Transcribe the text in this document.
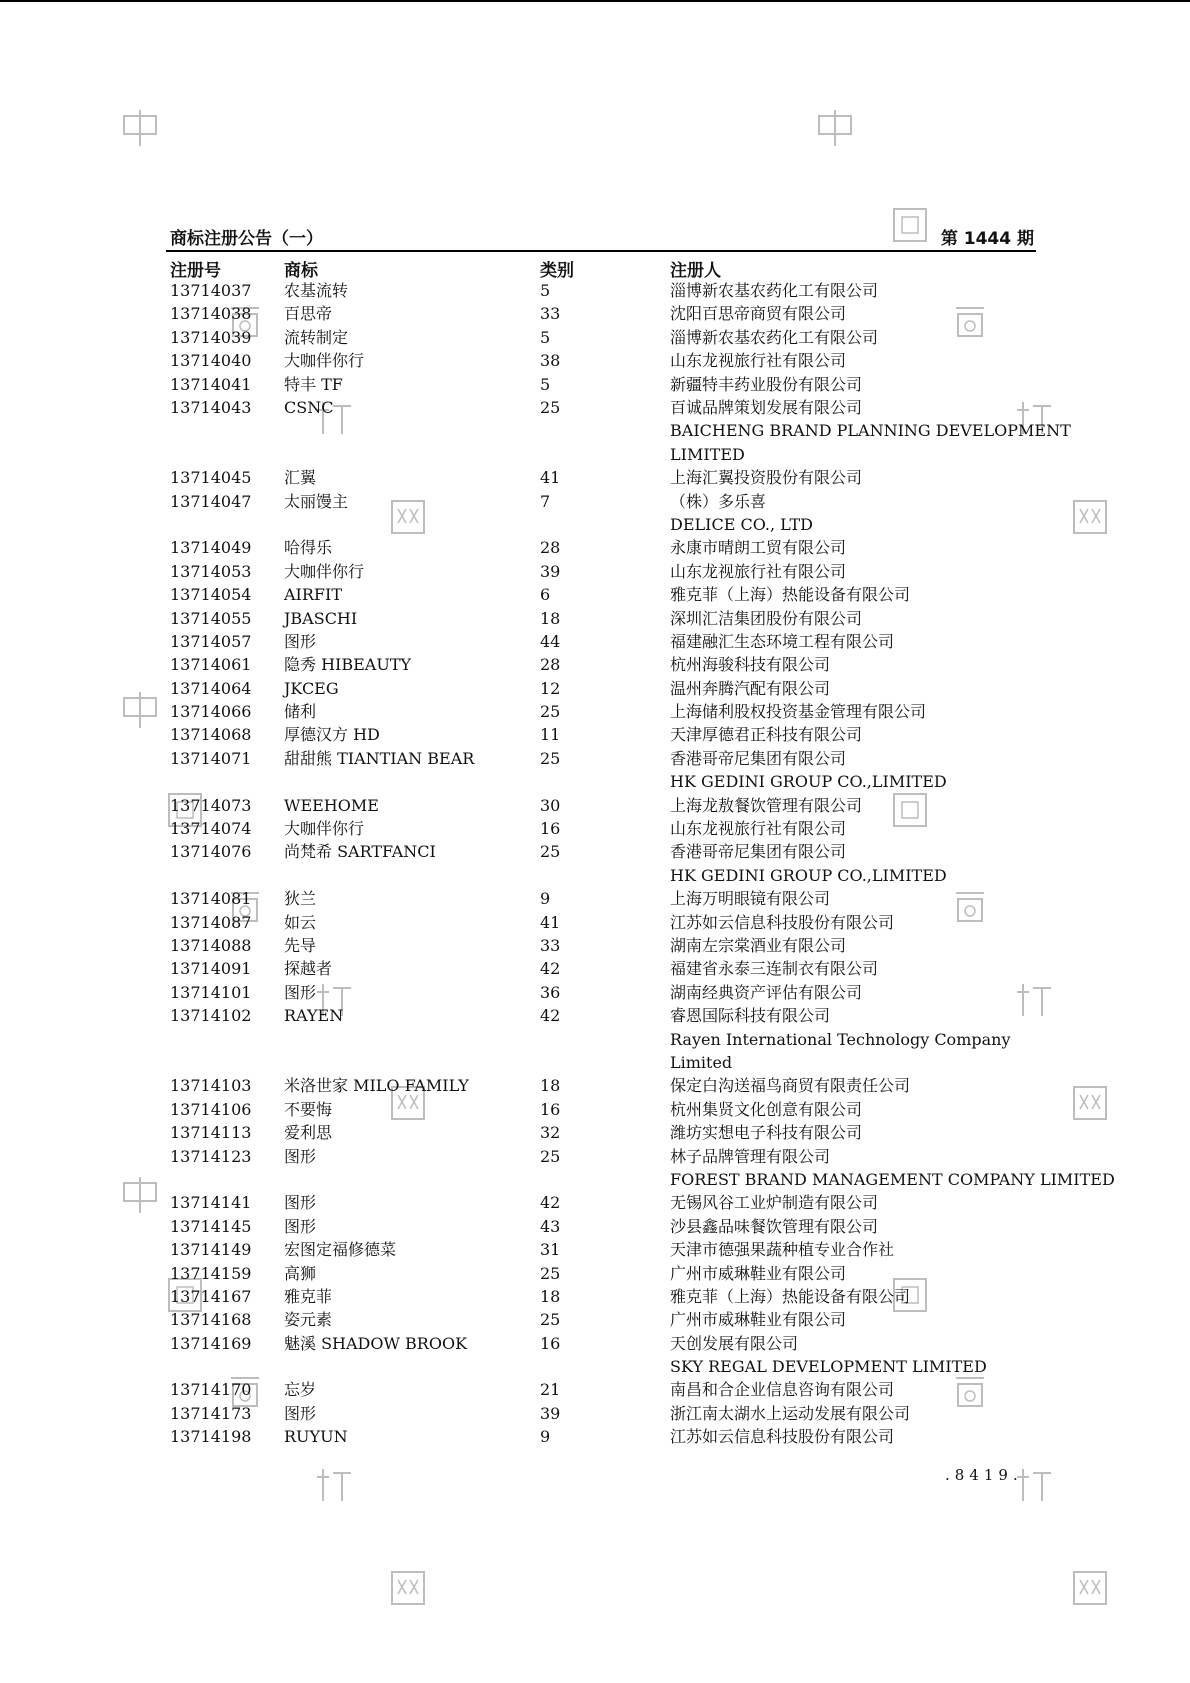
商标注册公告（一）	第 1444 期
注册号	商标	类别	注册人
13714037 农基流转	5	淄博新农基农药化工有限公司
13714038 百思帝	33	沈阳百思帝商贸有限公司
13714039 流转制定	5	淄博新农基农药化工有限公司
13714040 大咖伴你行	38	山东龙视旅行社有限公司
13714041 特丰 TF	5	新疆特丰药业股份有限公司
13714043 CSNC	25	百诚品牌策划发展有限公司
BAICHENG BRAND PLANNING DEVELOPMENT
LIMITED
13714045 汇翼	41	上海汇翼投资股份有限公司
13714047 太丽馒主	7	（株）多乐喜
DELICE CO., LTD
13714049 哈得乐	28	永康市晴朗工贸有限公司
13714053 大咖伴你行	39	山东龙视旅行社有限公司
13714054 AIRFIT	6	雅克菲（上海）热能设备有限公司
13714055 JBASCHI	18	深圳汇洁集团股份有限公司
13714057 图形	44	福建融汇生态环境工程有限公司
13714061 隐秀 HIBEAUTY	28	杭州海骏科技有限公司
13714064 JKCEG	12	温州奔腾汽配有限公司
13714066 储利	25	上海储利股权投资基金管理有限公司
13714068 厚德汉方 HD	11	天津厚德君正科技有限公司
13714071 甜甜熊 TIANTIAN BEAR	25	香港哥帝尼集团有限公司
HK GEDINI GROUP CO.,LIMITED
13714073 WEEHOME	30	上海龙敖餐饮管理有限公司
13714074 大咖伴你行	16	山东龙视旅行社有限公司
13714076 尚梵希 SARTFANCI	25	香港哥帝尼集团有限公司
HK GEDINI GROUP CO.,LIMITED
13714081 狄兰	9	上海万明眼镜有限公司
13714087 如云	41	江苏如云信息科技股份有限公司
13714088 先导	33	湖南左宗棠酒业有限公司
13714091 探越者	42	福建省永泰三连制衣有限公司
13714101 图形	36	湖南经典资产评估有限公司
13714102 RAYEN	42	睿恩国际科技有限公司
Rayen International Technology Company
Limited
13714103 米洛世家 MILO FAMILY	18	保定白沟送福鸟商贸有限责任公司
13714106 不要悔	16	杭州集贤文化创意有限公司
13714113 爱利思	32	潍坊实想电子科技有限公司
13714123 图形	25	林子品牌管理有限公司
FOREST BRAND MANAGEMENT COMPANY LIMITED
13714141 图形	42	无锡风谷工业炉制造有限公司
13714145 图形	43	沙县鑫品味餐饮管理有限公司
13714149 宏图定福修德菜	31	天津市德强果蔬种植专业合作社
13714159 高狮	25	广州市威琳鞋业有限公司
13714167 雅克菲	18	雅克菲（上海）热能设备有限公司
13714168 姿元素	25	广州市威琳鞋业有限公司
13714169 魅溪 SHADOW BROOK	16	天创发展有限公司
SKY REGAL DEVELOPMENT LIMITED
13714170 忘岁	21	南昌和合企业信息咨询有限公司
13714173 图形	39	浙江南太湖水上运动发展有限公司
13714198 RUYUN	9	江苏如云信息科技股份有限公司
.8419.
